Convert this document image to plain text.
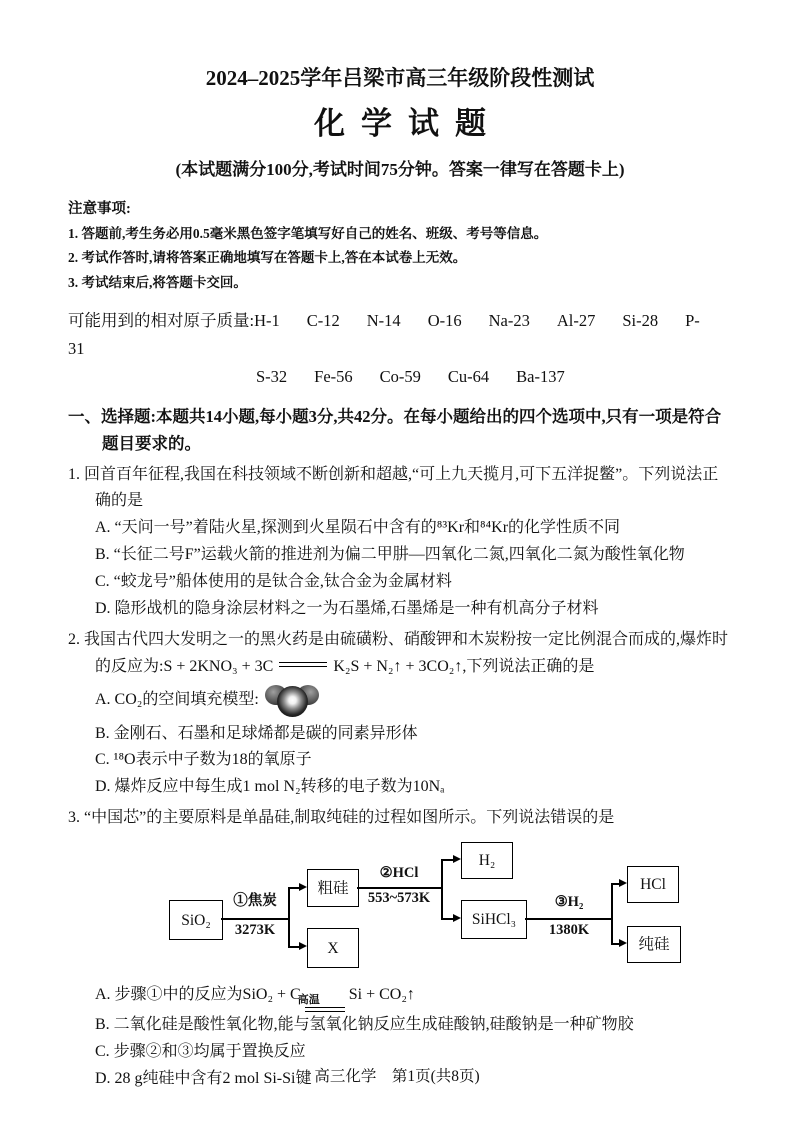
2024–2025学年吕梁市高三年级阶段性测试
化学试题
(本试题满分100分,考试时间75分钟。答案一律写在答题卡上)
注意事项:
1. 答题前,考生务必用0.5毫米黑色签字笔填写好自己的姓名、班级、考号等信息。
2. 考试作答时,请将答案正确地填写在答题卡上,答在本试卷上无效。
3. 考试结束后,将答题卡交回。
可能用到的相对原子质量:H-1 C-12 N-14 O-16 Na-23 Al-27 Si-28 P-31
S-32 Fe-56 Co-59 Cu-64 Ba-137
一、选择题:本题共14小题,每小题3分,共42分。在每小题给出的四个选项中,只有一项是符合题目要求的。
1. 回首百年征程,我国在科技领域不断创新和超越,“可上九天揽月,可下五洋捉鳖”。下列说法正确的是
A. “天问一号”着陆火星,探测到火星陨石中含有的⁸³Kr和⁸⁴Kr的化学性质不同
B. “长征二号F”运载火箭的推进剂为偏二甲肼—四氧化二氮,四氧化二氮为酸性氧化物
C. “蛟龙号”船体使用的是钛合金,钛合金为金属材料
D. 隐形战机的隐身涂层材料之一为石墨烯,石墨烯是一种有机高分子材料
2. 我国古代四大发明之一的黑火药是由硫磺粉、硝酸钾和木炭粉按一定比例混合而成的,爆炸时的反应为:S + 2KNO₃ + 3C	K₂S + N₂↑ + 3CO₂↑,下列说法正确的是
A. CO₂的空间填充模型:
B. 金刚石、石墨和足球烯都是碳的同素异形体
C. ¹⁸O表示中子数为18的氧原子
D. 爆炸反应中每生成1 mol N₂转移的电子数为10Nₐ
3. “中国芯”的主要原料是单晶硅,制取纯硅的过程如图所示。下列说法错误的是
SiO₂
粗硅
X
H₂
SiHCl₃
HCl
纯硅
①焦炭
3273K
②HCl
553~573K	③H₂
1380K
A. 步骤①中的反应为SiO₂ + C
高温	Si + CO₂↑
B. 二氧化硅是酸性氧化物,能与氢氧化钠反应生成硅酸钠,硅酸钠是一种矿物胶
C. 步骤②和③均属于置换反应
D. 28 g纯硅中含有2 mol Si-Si键 高三化学　第1页(共8页)
